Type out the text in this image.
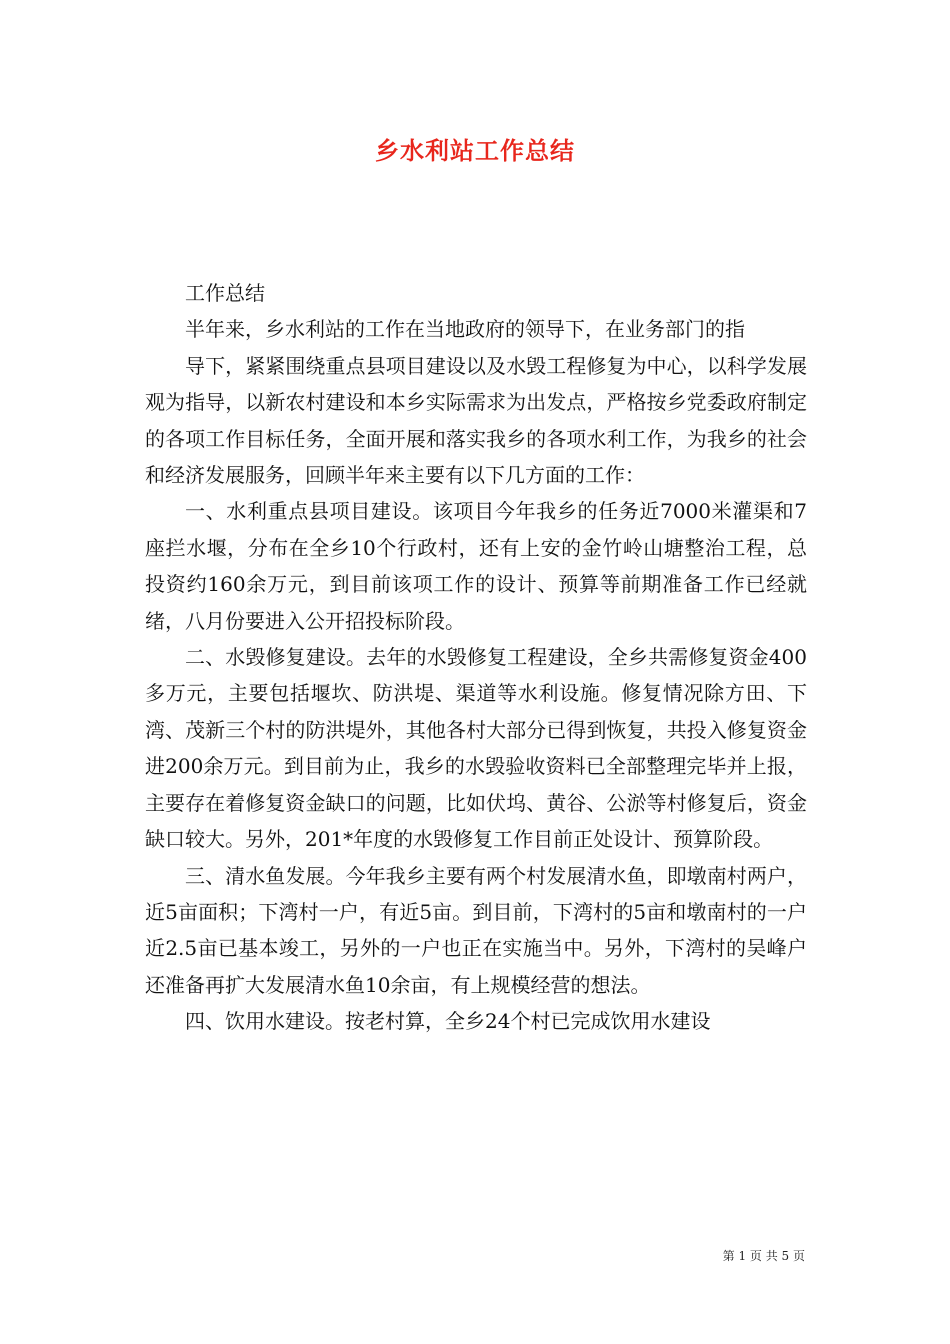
乡水利站工作总结

工作总结

半年来，乡水利站的工作在当地政府的领导下，在业务部门的指

导下，紧紧围绕重点县项目建设以及水毁工程修复为中心，以科学发展观为指导，以新农村建设和本乡实际需求为出发点，严格按乡党委政府制定的各项工作目标任务，全面开展和落实我乡的各项水利工作，为我乡的社会和经济发展服务，回顾半年来主要有以下几方面的工作：

一、水利重点县项目建设。该项目今年我乡的任务近7000米灌渠和7座拦水堰，分布在全乡10个行政村，还有上安的金竹岭山塘整治工程，总投资约160余万元，到目前该项工作的设计、预算等前期准备工作已经就绪，八月份要进入公开招投标阶段。

二、水毁修复建设。去年的水毁修复工程建设，全乡共需修复资金400多万元，主要包括堰坎、防洪堤、渠道等水利设施。修复情况除方田、下湾、茂新三个村的防洪堤外，其他各村大部分已得到恢复，共投入修复资金进200余万元。到目前为止，我乡的水毁验收资料已全部整理完毕并上报，主要存在着修复资金缺口的问题，比如伏坞、黄谷、公淤等村修复后，资金缺口较大。另外，201*年度的水毁修复工作目前正处设计、预算阶段。

三、清水鱼发展。今年我乡主要有两个村发展清水鱼，即墩南村两户，近5亩面积；下湾村一户，有近5亩。到目前，下湾村的5亩和墩南村的一户近2.5亩已基本竣工，另外的一户也正在实施当中。另外，下湾村的吴峰户还准备再扩大发展清水鱼10余亩，有上规模经营的想法。

四、饮用水建设。按老村算，全乡24个村已完成饮用水建设

第 1 页 共 5 页
